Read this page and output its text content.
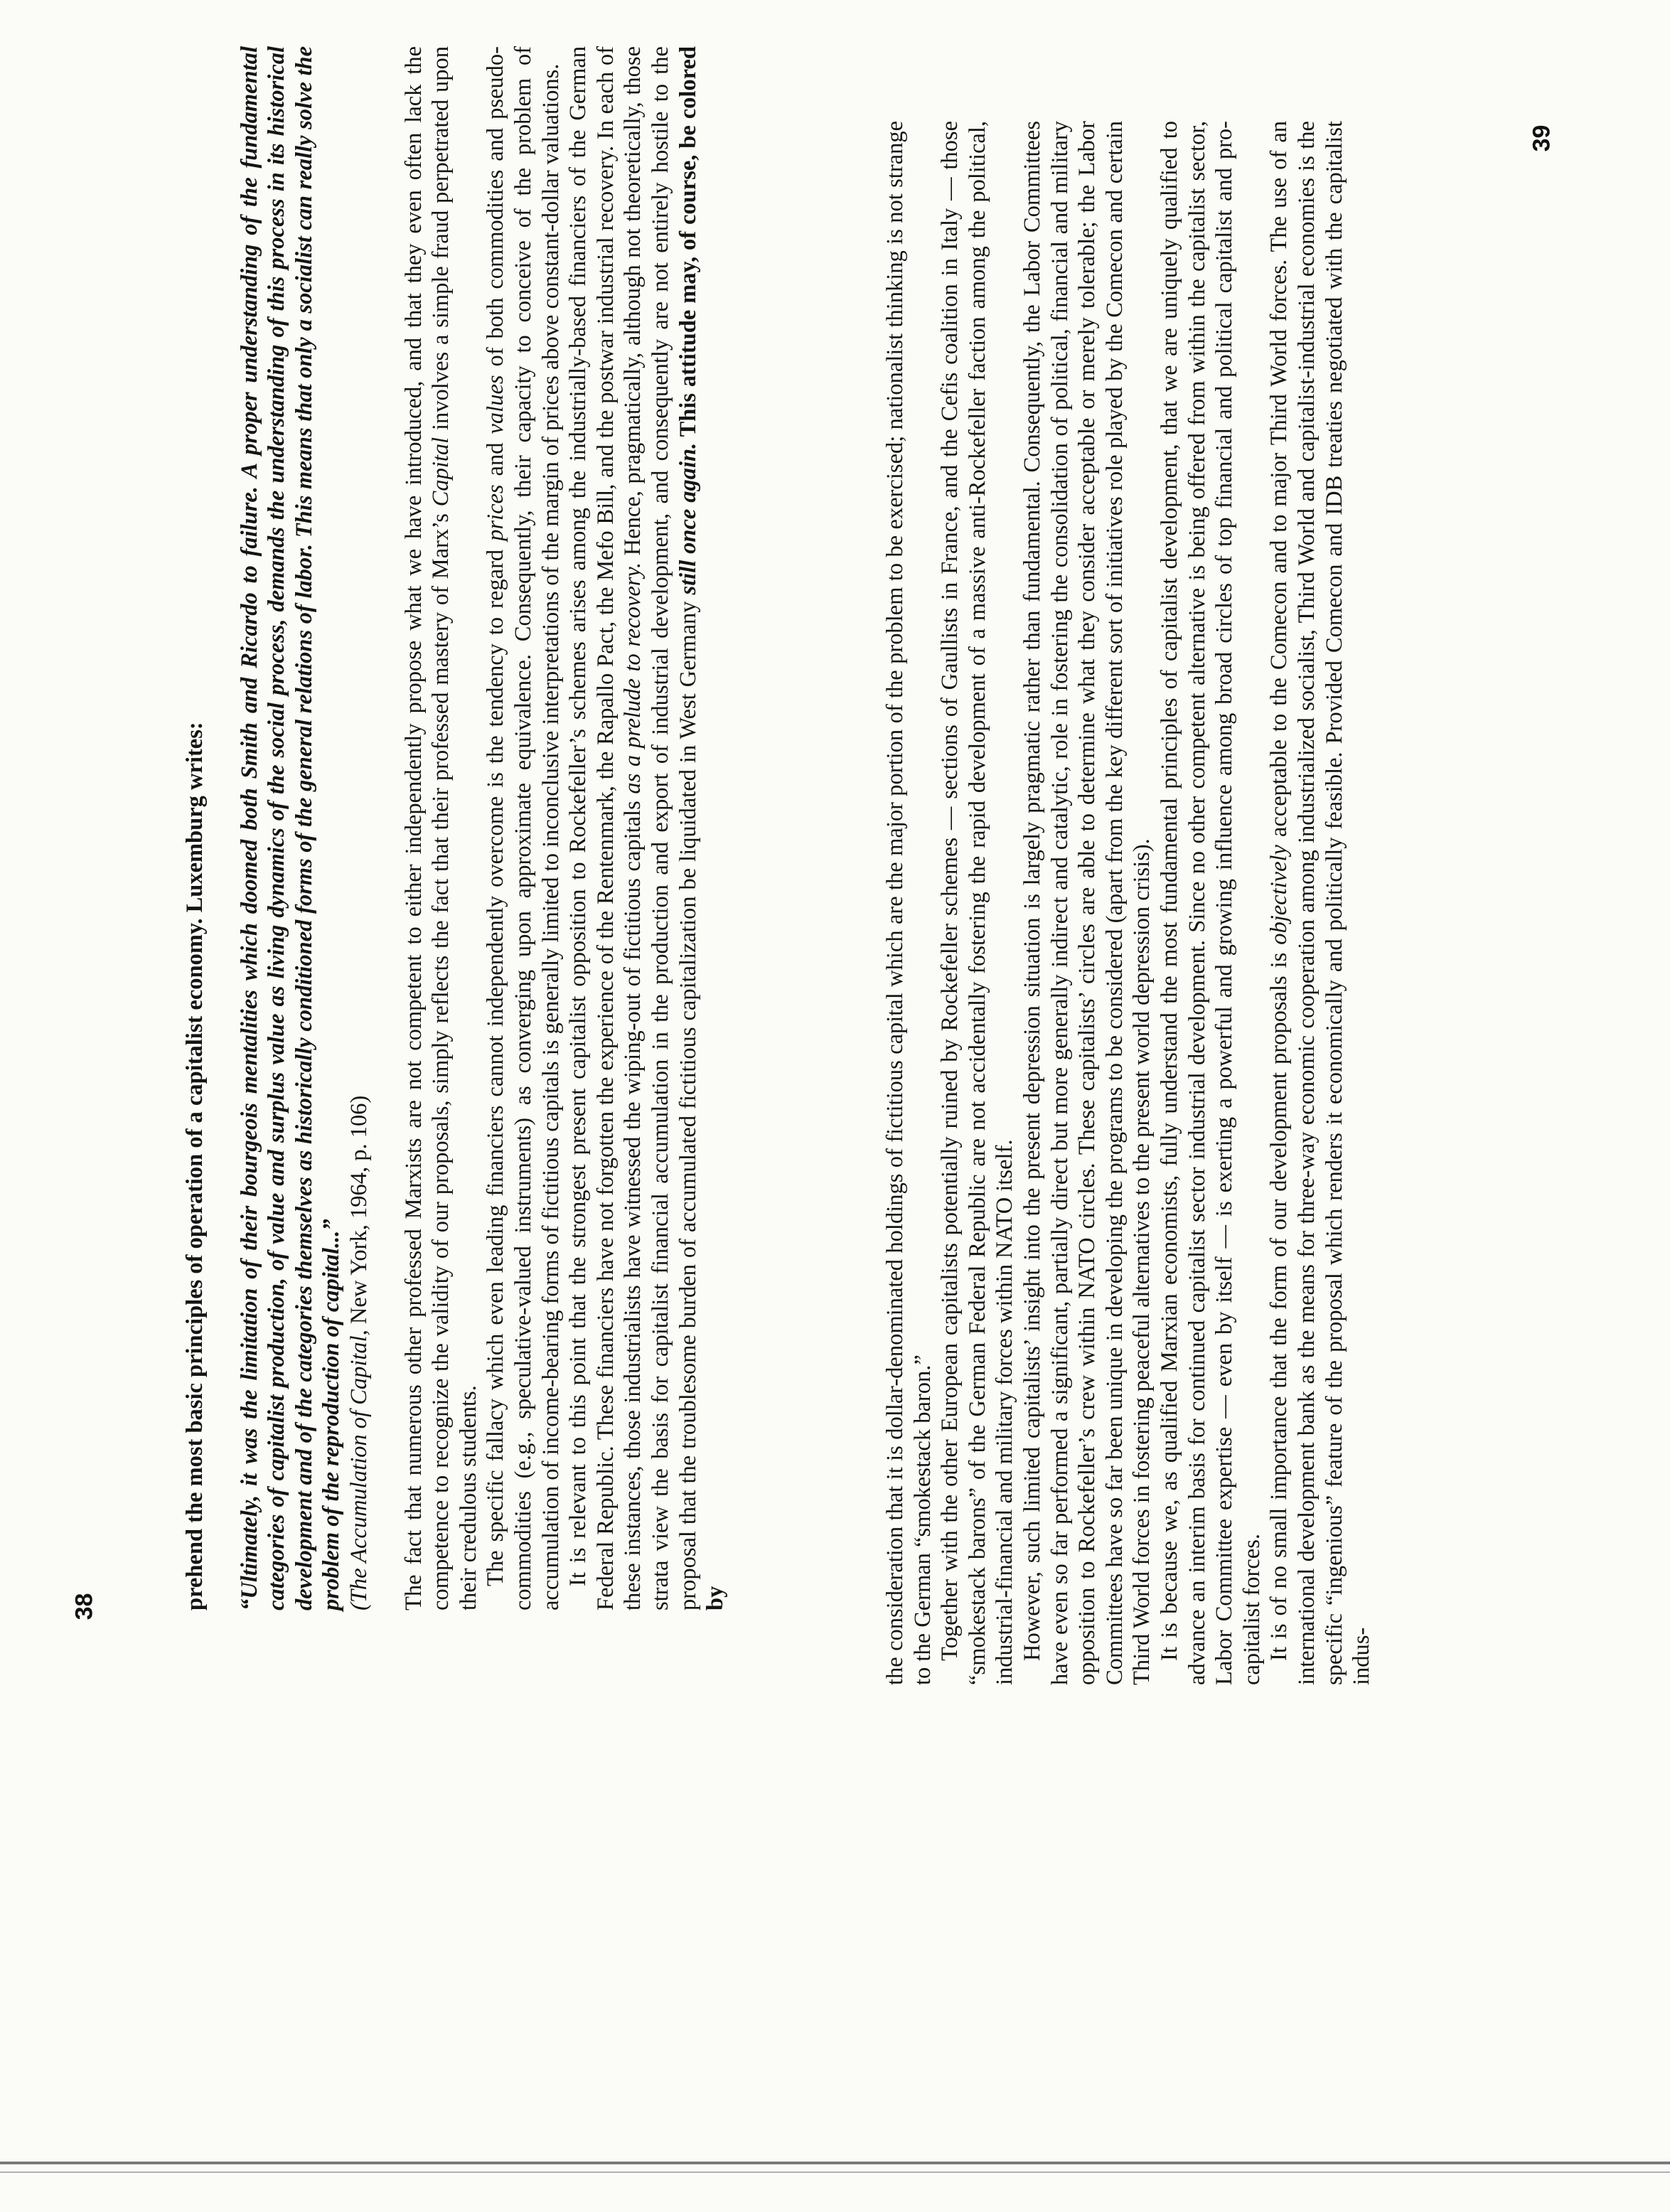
38
39

prehend the most basic principles of operation of a capitalist economy. Luxemburg writes: “Ultimately, it was the limitation of their bourgeois mentalities which doomed both Smith and Ricardo to failure. A proper understanding of the fundamental categories of capitalist production, of value and surplus value as living dynamics of the social process, demands the understanding of this process in its historical development and of the categories themselves as historically conditioned forms of the general relations of labor. This means that only a socialist can really solve the problem of the reproduction of capital...” (The Accumulation of Capital, New York, 1964, p. 106) The fact that numerous other professed Marxists are not competent to either independently propose what we have introduced, and that they even often lack the competence to recognize the validity of our proposals, simply reflects the fact that their professed mastery of Marx’s Capital involves a simple fraud perpetrated upon their credulous students. The specific fallacy which even leading financiers cannot independently overcome is the tendency to regard prices and values of both commodities and pseudo-commodities (e.g., speculative-valued instruments) as converging upon approximate equivalence. Consequently, their capacity to conceive of the problem of accumulation of income-bearing forms of fictitious capitals is generally limited to inconclusive interpretations of the margin of prices above constant-dollar valuations. It is relevant to this point that the strongest present capitalist opposition to Rockefeller’s schemes arises among the industrially-based financiers of the German Federal Republic. These financiers have not forgotten the experience of the Rentenmark, the Rapallo Pact, the Mefo Bill, and the postwar industrial recovery. In each of these instances, those industrialists have witnessed the wiping-out of fictitious capitals as a prelude to recovery. Hence, pragmatically, although not theoretically, those strata view the basis for capitalist financial accumulation in the production and export of industrial development, and consequently are not entirely hostile to the proposal that the troublesome burden of accumulated fictitious capitalization be liquidated in West Germany still once again. This attitude may, of course, be colored by	the consideration that it is dollar-denominated holdings of fictitious capital which are the major portion of the problem to be exercised; nationalist thinking is not strange to the German “smokestack baron.” Together with the other European capitalists potentially ruined by Rockefeller schemes — sections of Gaullists in France, and the Cefis coalition in Italy — those “smokestack barons” of the German Federal Republic are not accidentally fostering the rapid development of a massive anti-Rockefeller faction among the political, industrial-financial and military forces within NATO itself. However, such limited capitalists’ insight into the present depression situation is largely pragmatic rather than fundamental. Consequently, the Labor Committees have even so far performed a significant, partially direct but more generally indirect and catalytic, role in fostering the consolidation of political, financial and military opposition to Rockefeller’s crew within NATO circles. These capitalists’ circles are able to determine what they consider acceptable or merely tolerable; the Labor Committees have so far been unique in developing the programs to be considered (apart from the key different sort of initiatives role played by the Comecon and certain Third World forces in fostering peaceful alternatives to the present world depression crisis). It is because we, as qualified Marxian economists, fully understand the most fundamental principles of capitalist development, that we are uniquely qualified to advance an interim basis for continued capitalist sector industrial development. Since no other competent alternative is being offered from within the capitalist sector, Labor Committee expertise — even by itself — is exerting a powerful and growing influence among broad circles of top financial and political capitalist and pro-capitalist forces. It is of no small importance that the form of our development proposals is objectively acceptable to the Comecon and to major Third World forces. The use of an international development bank as the means for three-way economic cooperation among industrialized socialist, Third World and capitalist-industrial economies is the specific “ingenious” feature of the proposal which renders it economically and politically feasible. Provided Comecon and IDB treaties negotiated with the capitalist indus-
